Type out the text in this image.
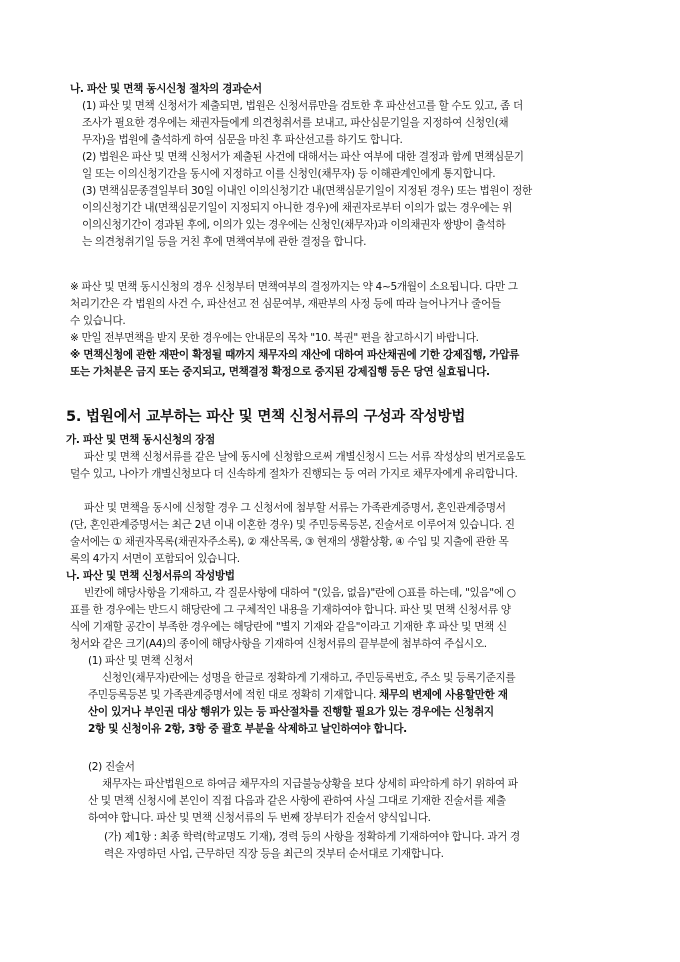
나. 파산 및 면책 동시신청 절차의 경과순서

(1) 파산 및 면책 신청서가 제출되면, 법원은 신청서류만을 검토한 후 파산선고를 할 수도 있고, 좀 더
조사가 필요한 경우에는 채권자들에게 의견청취서를 보내고, 파산심문기일을 지정하여 신청인(채
무자)을 법원에 출석하게 하여 심문을 마친 후 파산선고를 하기도 합니다.

(2) 법원은 파산 및 면책 신청서가 제출된 사건에 대해서는 파산 여부에 대한 결정과 함께 면책심문기
일 또는 이의신청기간을 동시에 지정하고 이를 신청인(채무자) 등 이해관계인에게 통지합니다.

(3) 면책심문종결일부터 30일 이내인 이의신청기간 내(면책심문기일이 지정된 경우) 또는 법원이 정한
이의신청기간 내(면책심문기일이 지정되지 아니한 경우)에 채권자로부터 이의가 없는 경우에는 위
이의신청기간이 경과된 후에, 이의가 있는 경우에는 신청인(채무자)과 이의채권자 쌍방이 출석하
는 의견청취기일 등을 거친 후에 면책여부에 관한 결정을 합니다.

※ 파산 및 면책 동시신청의 경우 신청부터 면책여부의 결정까지는 약 4~5개월이 소요됩니다. 다만 그
처리기간은 각 법원의 사건 수, 파산선고 전 심문여부, 재판부의 사정 등에 따라 늘어나거나 줄어들
수 있습니다.

※ 만일 전부면책을 받지 못한 경우에는 안내문의 목차 "10. 복권" 편을 참고하시기 바랍니다.

※ 면책신청에 관한 재판이 확정될 때까지 채무자의 재산에 대하여 파산채권에 기한 강제집행, 가압류
또는 가처분은 금지 또는 중지되고, 면책결정 확정으로 중지된 강제집행 등은 당연 실효됩니다.

5. 법원에서 교부하는 파산 및 면책 신청서류의 구성과 작성방법

가. 파산 및 면책 동시신청의 장점

파산 및 면책 신청서류를 같은 날에 동시에 신청함으로써 개별신청시 드는 서류 작성상의 번거로움도
덜수 있고, 나아가 개별신청보다 더 신속하게 절차가 진행되는 등 여러 가지로 채무자에게 유리합니다.

파산 및 면책을 동시에 신청할 경우 그 신청서에 첨부할 서류는 가족관계증명서, 혼인관계증명서
(단, 혼인관계증명서는 최근 2년 이내 이혼한 경우) 및 주민등록등본, 진술서로 이루어져 있습니다. 진
술서에는 ① 채권자목록(채권자주소록), ② 재산목록, ③ 현재의 생활상황, ④ 수입 및 지출에 관한 목
록의 4가지 서면이 포함되어 있습니다.

나. 파산 및 면책 신청서류의 작성방법

빈칸에 해당사항을 기재하고, 각 질문사항에 대하여 "(있음, 없음)"란에 ○표를 하는데, "있음"에 ○
표를 한 경우에는 반드시 해당란에 그 구체적인 내용을 기재하여야 합니다. 파산 및 면책 신청서류 양
식에 기재할 공간이 부족한 경우에는 해당란에 "별지 기재와 같음"이라고 기재한 후 파산 및 면책 신
청서와 같은 크기(A4)의 종이에 해당사항을 기재하여 신청서류의 끝부분에 첨부하여 주십시오.

(1) 파산 및 면책 신청서

신청인(채무자)란에는 성명을 한글로 정확하게 기재하고, 주민등록번호, 주소 및 등록기준지를
주민등록등본 및 가족관계증명서에 적힌 대로 정확히 기재합니다. 채무의 변제에 사용할만한 재
산이 있거나 부인권 대상 행위가 있는 등 파산절차를 진행할 필요가 있는 경우에는 신청취지
2항 및 신청이유 2항, 3항 중 괄호 부분을 삭제하고 날인하여야 합니다.

(2) 진술서

채무자는 파산법원으로 하여금 채무자의 지급불능상황을 보다 상세히 파악하게 하기 위하여 파
산 및 면책 신청시에 본인이 직접 다음과 같은 사항에 관하여 사실 그대로 기재한 진술서를 제출
하여야 합니다. 파산 및 면책 신청서류의 두 번째 장부터가 진술서 양식입니다.

(가) 제1항 : 최종 학력(학교명도 기재), 경력 등의 사항을 정확하게 기재하여야 합니다. 과거 경
력은 자영하던 사업, 근무하던 직장 등을 최근의 것부터 순서대로 기재합니다.
